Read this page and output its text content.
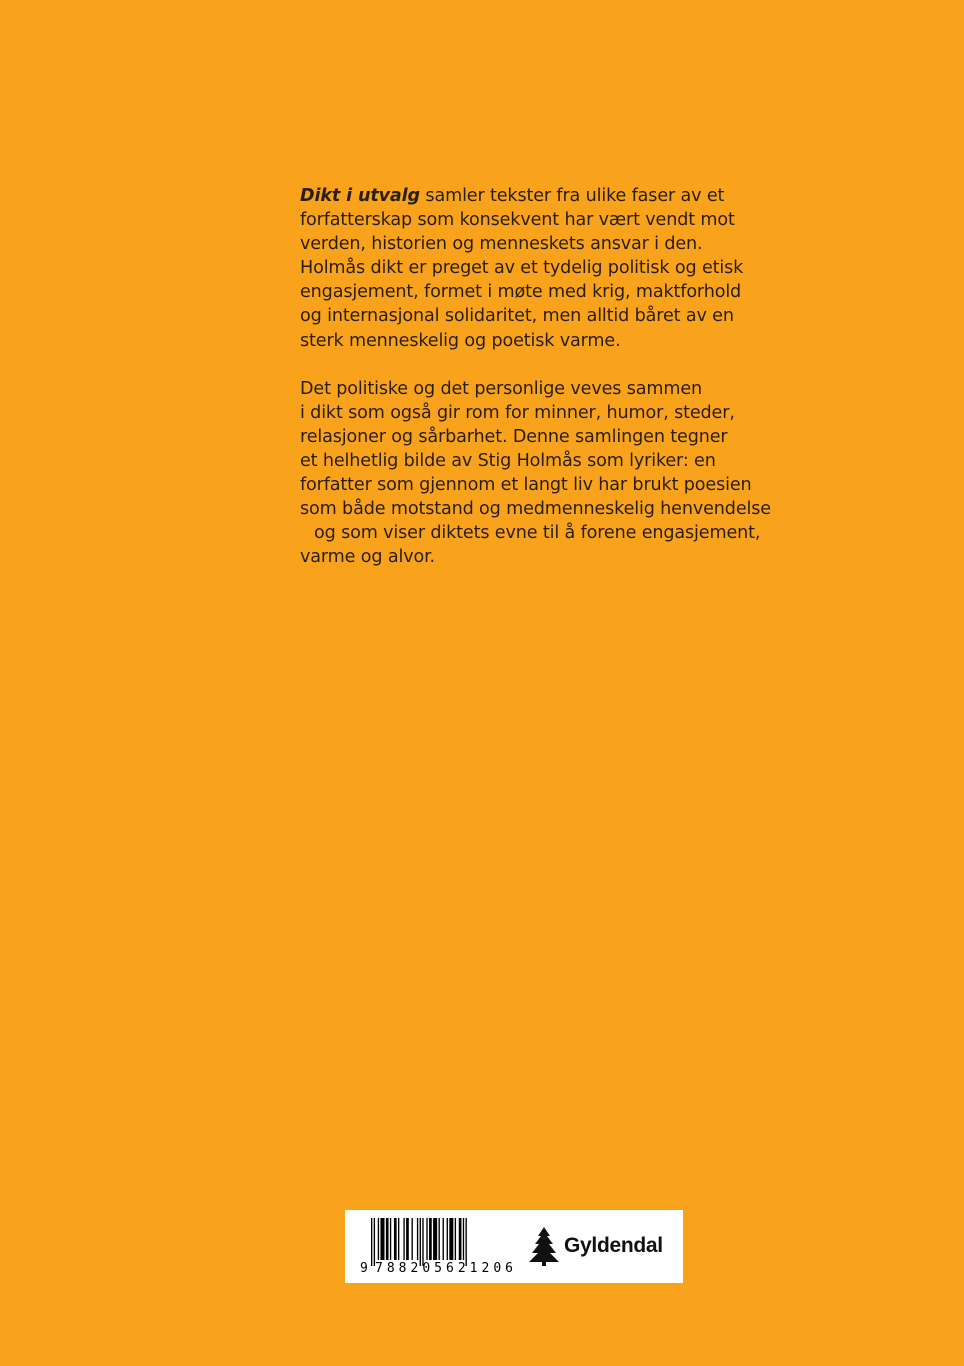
Dikt i utvalg samler tekster fra ulike faser av et
forfatterskap som konsekvent har vært vendt mot
verden, historien og menneskets ansvar i den.
Holmås dikt er preget av et tydelig politisk og etisk
engasjement, formet i møte med krig, maktforhold
og internasjonal solidaritet, men alltid båret av en
sterk menneskelig og poetisk varme.
Det politiske og det personlige veves sammen
i dikt som også gir rom for minner, humor, steder,
relasjoner og sårbarhet. Denne samlingen tegner
et helhetlig bilde av Stig Holmås som lyriker: en
forfatter som gjennom et langt liv har brukt poesien
som både motstand og medmenneskelig henvendelse
og som viser diktets evne til å forene engasjement,
varme og alvor.
9 788205621206
Gyldendal
